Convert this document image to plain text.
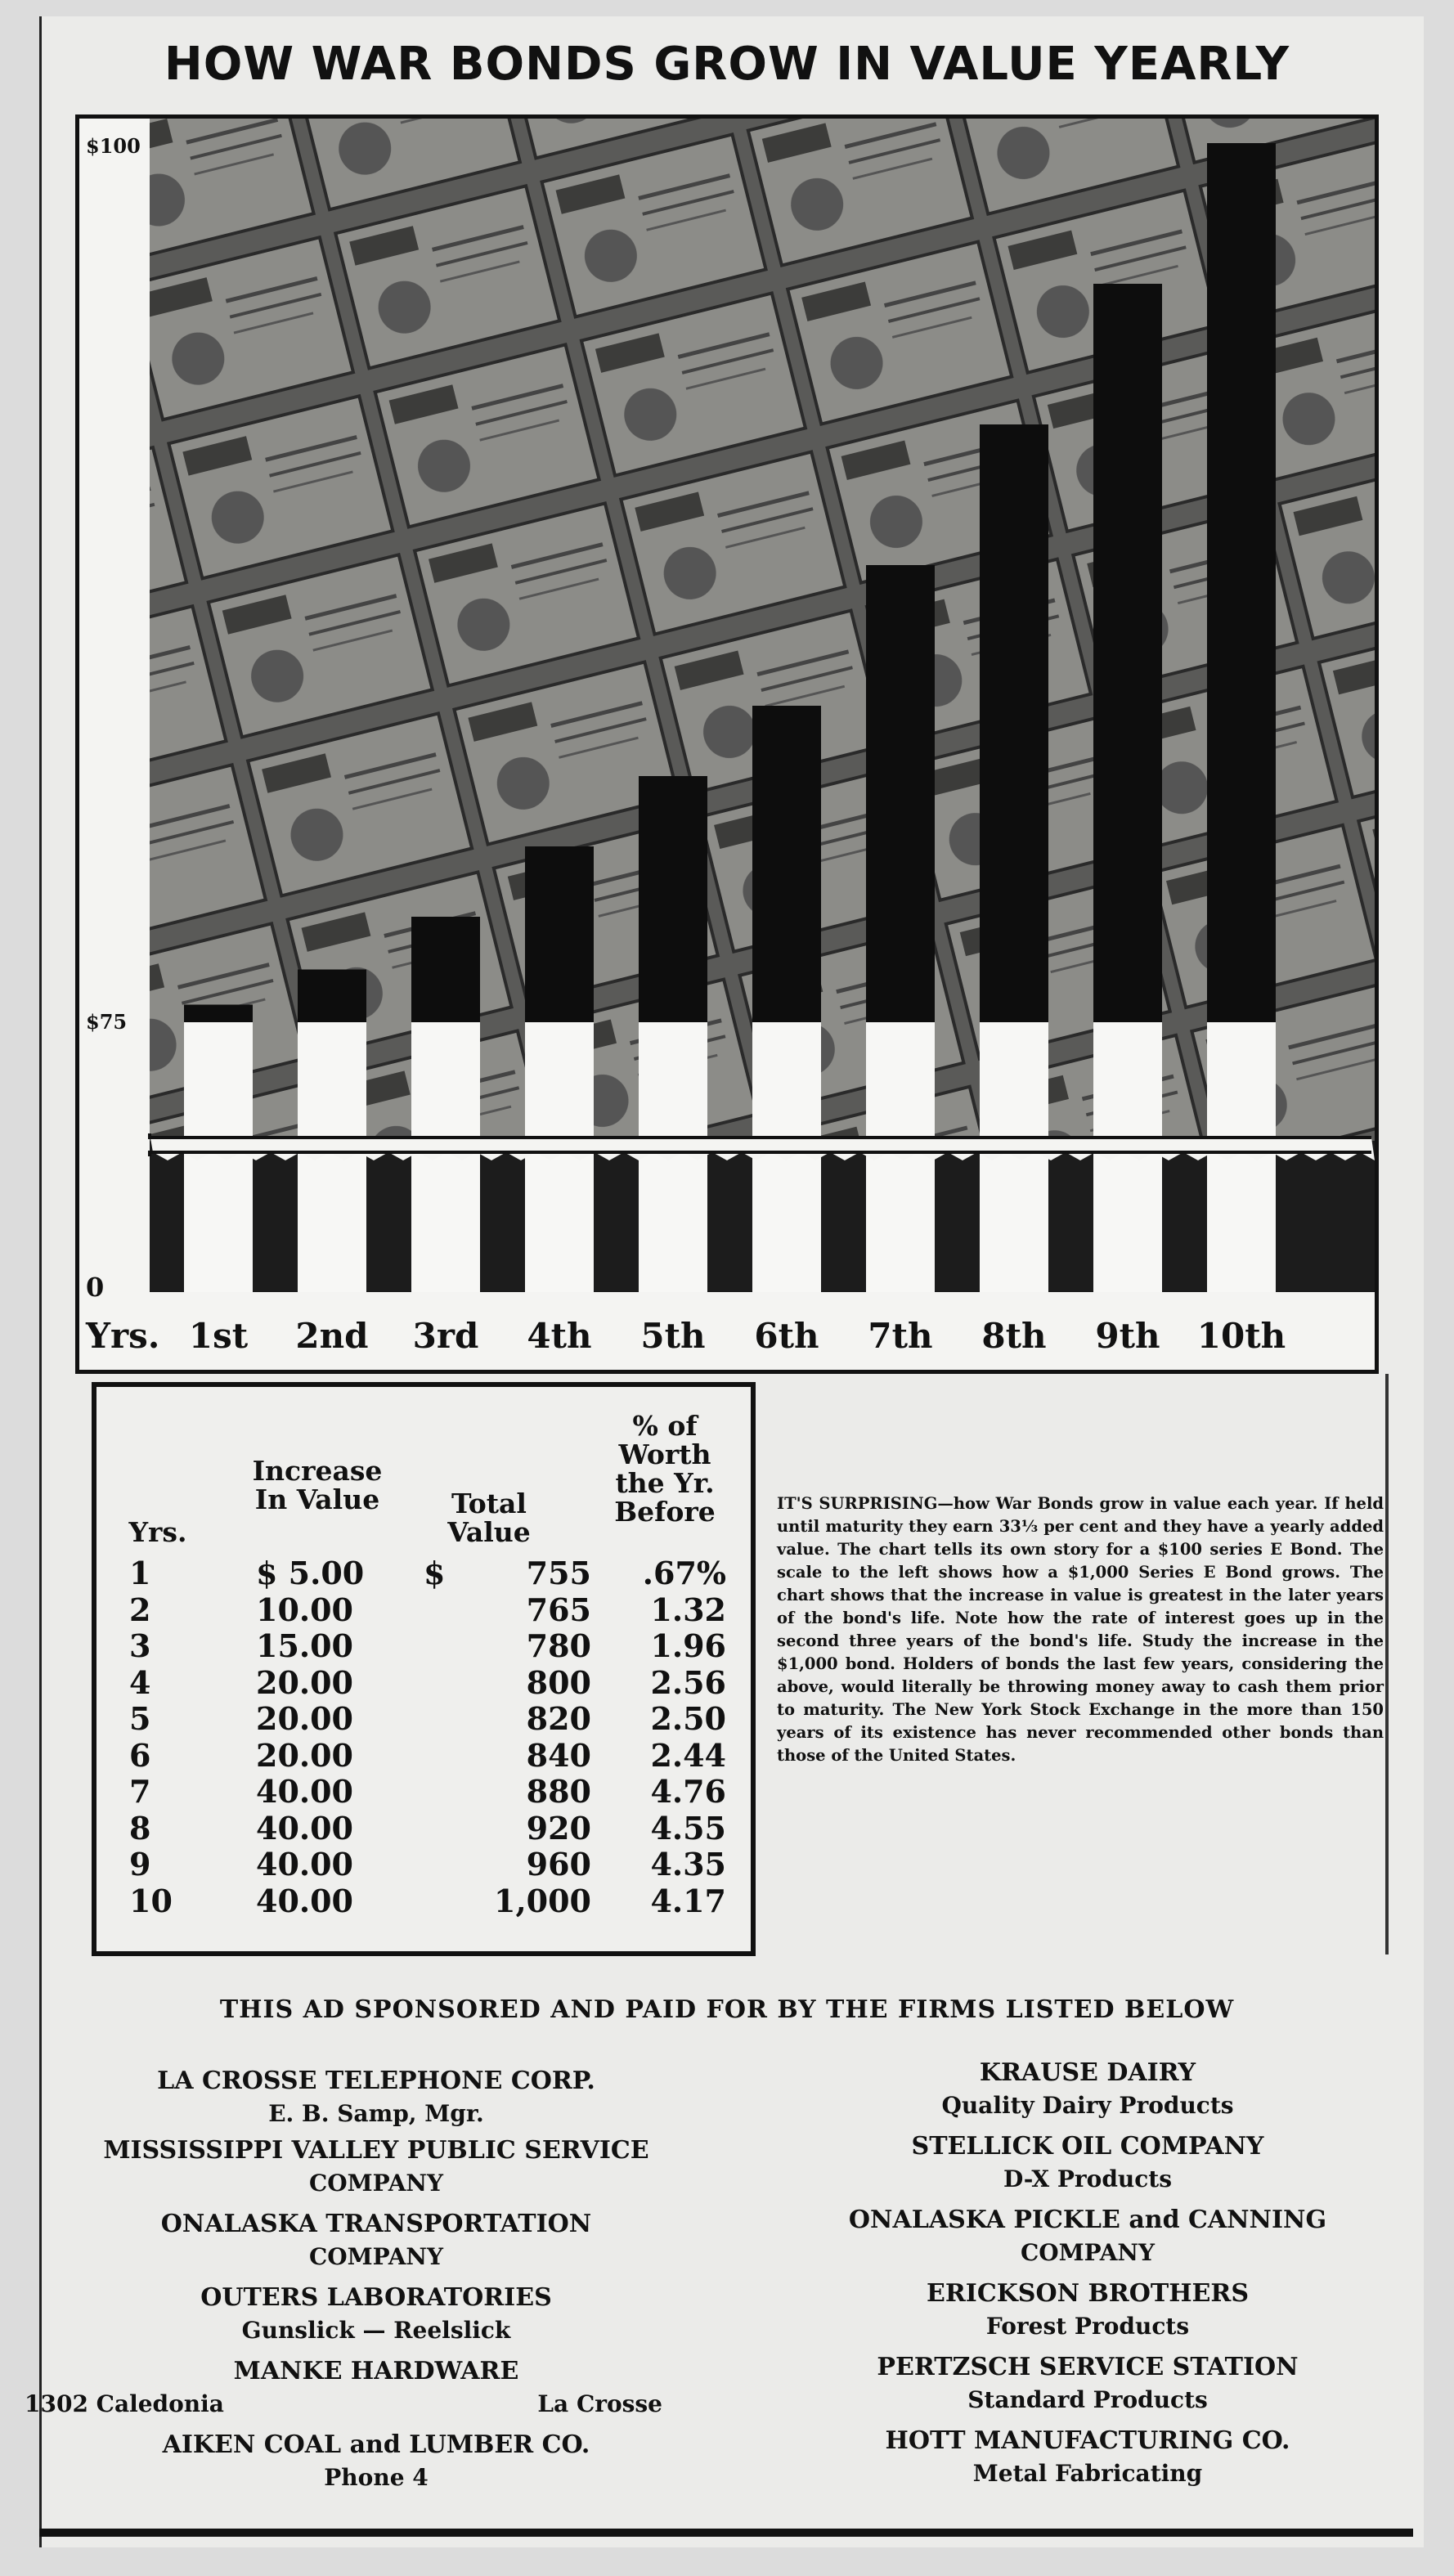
HOW WAR BONDS GROW IN VALUE YEARLY
1st 2nd 3rd 4th 5th 6th 7th 8th 9th 10th
0
$75
$100
Yrs.
Yrs.
Increase In Value	Total Value
% of Worth the Yr. Before
1	$ 5.00	755	.67%
$
2	10.00	765	1.32
3	15.00	780	1.96
4	20.00	800	2.56
5	20.00	820	2.50
6	20.00	840	2.44
7	40.00	880	4.76
8	40.00	920	4.55
9	40.00	960	4.35
10	40.00	1,000	4.17
IT'S SURPRISING—how War Bonds grow in value each year. If held until maturity they earn 33⅓ per cent and they have a yearly added value. The chart tells its own story for a $100 series E Bond. The scale to the left shows how a $1,000 Series E Bond grows. The chart shows that the increase in value is greatest in the later years of the bond's life. Note how the rate of interest goes up in the second three years of the bond's life. Study the increase in the $1,000 bond. Holders of bonds the last few years, considering the above, would literally be throwing money away to cash them prior to maturity. The New York Stock Exchange in the more than 150 years of its existence has never recommended other bonds than those of the United States.
THIS AD SPONSORED AND PAID FOR BY THE FIRMS LISTED BELOW
LA CROSSE TELEPHONE CORP.
E. B. Samp, Mgr.
MISSISSIPPI VALLEY PUBLIC SERVICE
COMPANY
ONALASKA TRANSPORTATION
COMPANY
OUTERS LABORATORIES
Gunslick — Reelslick
MANKE HARDWARE
1302 Caledonia	La Crosse
AIKEN COAL and LUMBER CO.
Phone 4
KRAUSE DAIRY
Quality Dairy Products
STELLICK OIL COMPANY
D-X Products
ONALASKA PICKLE and CANNING
COMPANY
ERICKSON BROTHERS
Forest Products
PERTZSCH SERVICE STATION
Standard Products
HOTT MANUFACTURING CO.
Metal Fabricating
